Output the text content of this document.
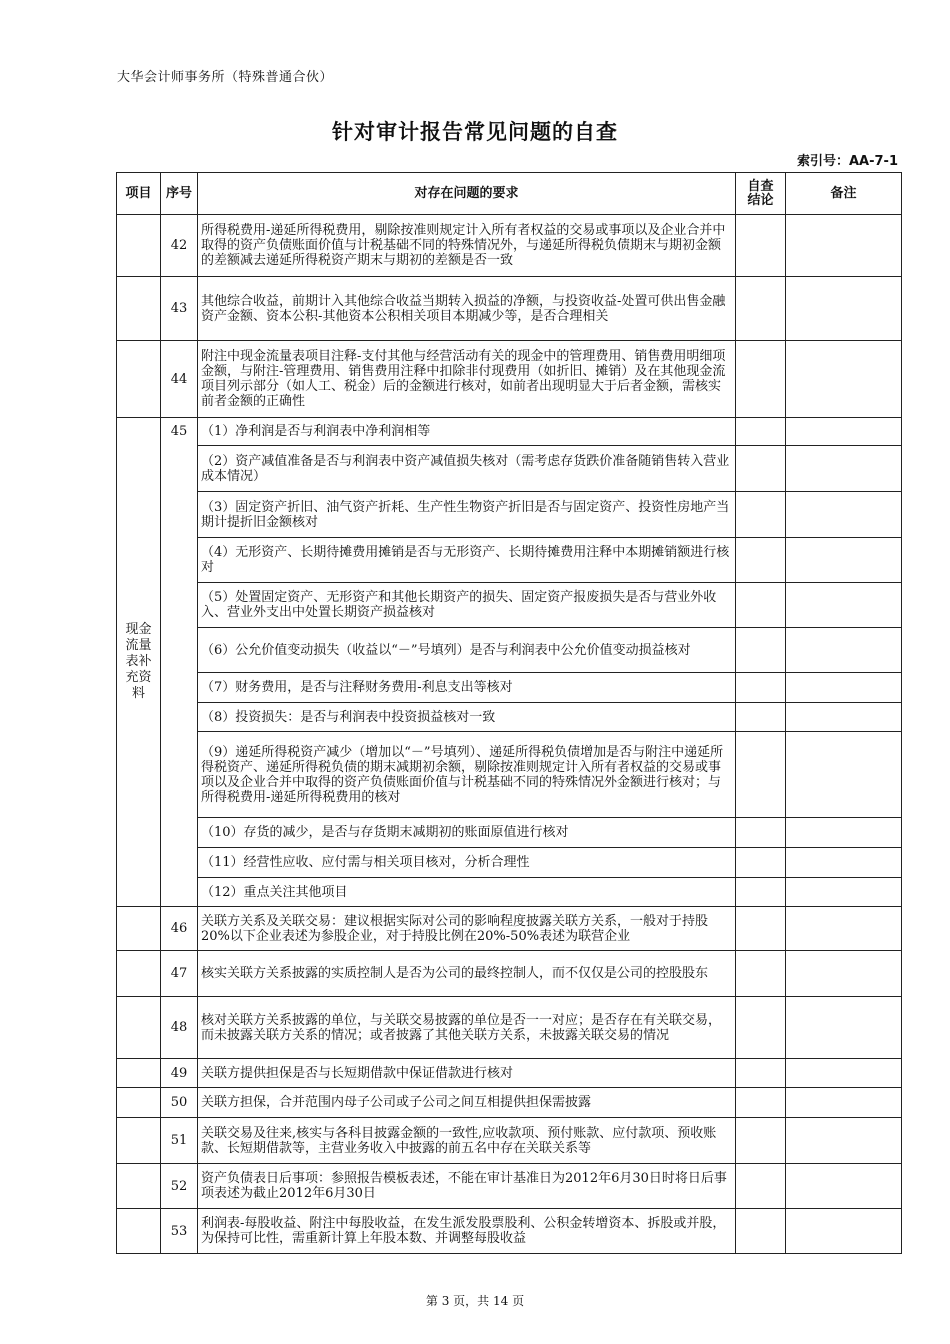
大华会计师事务所（特殊普通合伙）
针对审计报告常见问题的自查
索引号：AA-7-1
项目	序号	对存在问题的要求	自查结论	备注
	42	所得税费用-递延所得税费用，剔除按准则规定计入所有者权益的交易或事项以及企业合并中取得的资产负债账面价值与计税基础不同的特殊情况外，与递延所得税负债期末与期初金额的差额减去递延所得税资产期末与期初的差额是否一致		
	43	其他综合收益，前期计入其他综合收益当期转入损益的净额，与投资收益-处置可供出售金融资产金额、资本公积-其他资本公积相关项目本期减少等，是否合理相关		
	44	附注中现金流量表项目注释-支付其他与经营活动有关的现金中的管理费用、销售费用明细项金额，与附注-管理费用、销售费用注释中扣除非付现费用（如折旧、摊销）及在其他现金流项目列示部分（如人工、税金）后的金额进行核对，如前者出现明显大于后者金额，需核实前者金额的正确性		
现金流量表补充资料	45	（1）净利润是否与利润表中净利润相等		
		（2）资产减值准备是否与利润表中资产减值损失核对（需考虑存货跌价准备随销售转入营业成本情况）		
		（3）固定资产折旧、油气资产折耗、生产性生物资产折旧是否与固定资产、投资性房地产当期计提折旧金额核对		
		（4）无形资产、长期待摊费用摊销是否与无形资产、长期待摊费用注释中本期摊销额进行核对		
		（5）处置固定资产、无形资产和其他长期资产的损失、固定资产报废损失是否与营业外收入、营业外支出中处置长期资产损益核对		
		（6）公允价值变动损失（收益以“－”号填列）是否与利润表中公允价值变动损益核对		
		（7）财务费用，是否与注释财务费用-利息支出等核对		
		（8）投资损失：是否与利润表中投资损益核对一致		
		（9）递延所得税资产减少（增加以“－”号填列）、递延所得税负债增加是否与附注中递延所得税资产、递延所得税负债的期末减期初余额，剔除按准则规定计入所有者权益的交易或事项以及企业合并中取得的资产负债账面价值与计税基础不同的特殊情况外金额进行核对；与所得税费用-递延所得税费用的核对		
		（10）存货的减少，是否与存货期末减期初的账面原值进行核对		
		（11）经营性应收、应付需与相关项目核对，分析合理性		
		（12）重点关注其他项目		
	46	关联方关系及关联交易：建议根据实际对公司的影响程度披露关联方关系，一般对于持股20%以下企业表述为参股企业，对于持股比例在20%-50%表述为联营企业		
	47	核实关联方关系披露的实质控制人是否为公司的最终控制人，而不仅仅是公司的控股股东		
	48	核对关联方关系披露的单位，与关联交易披露的单位是否一一对应；是否存在有关联交易，而未披露关联方关系的情况；或者披露了其他关联方关系，未披露关联交易的情况		
	49	关联方提供担保是否与长短期借款中保证借款进行核对		
	50	关联方担保，合并范围内母子公司或子公司之间互相提供担保需披露		
	51	关联交易及往来,核实与各科目披露金额的一致性,应收款项、预付账款、应付款项、预收账款、长短期借款等，主营业务收入中披露的前五名中存在关联关系等		
	52	资产负债表日后事项：参照报告模板表述，不能在审计基准日为2012年6月30日时将日后事项表述为截止2012年6月30日		
	53	利润表-每股收益、附注中每股收益，在发生派发股票股利、公积金转增资本、拆股或并股，为保持可比性，需重新计算上年股本数、并调整每股收益		
第 3 页，共 14 页
